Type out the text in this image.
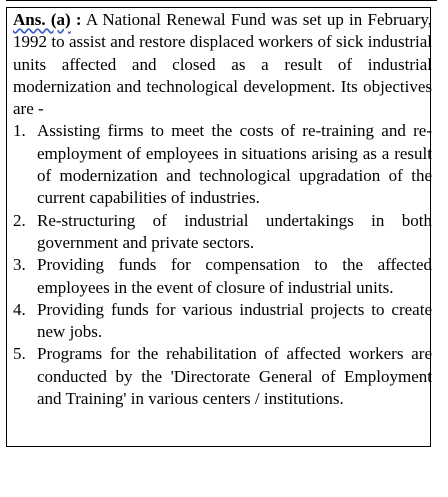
Ans. (a) : A National Renewal Fund was set up in February, 1992 to assist and restore displaced workers of sick industrial units affected and closed as a result of industrial modernization and technological development. Its objectives are -

1. Assisting firms to meet the costs of re-training and re-employment of employees in situations arising as a result of modernization and technological upgradation of the current capabilities of industries.
2. Re-structuring of industrial undertakings in both government and private sectors.
3. Providing funds for compensation to the affected employees in the event of closure of industrial units.
4. Providing funds for various industrial projects to create new jobs.
5. Programs for the rehabilitation of affected workers are conducted by the 'Directorate General of Employment and Training' in various centers / institutions.
